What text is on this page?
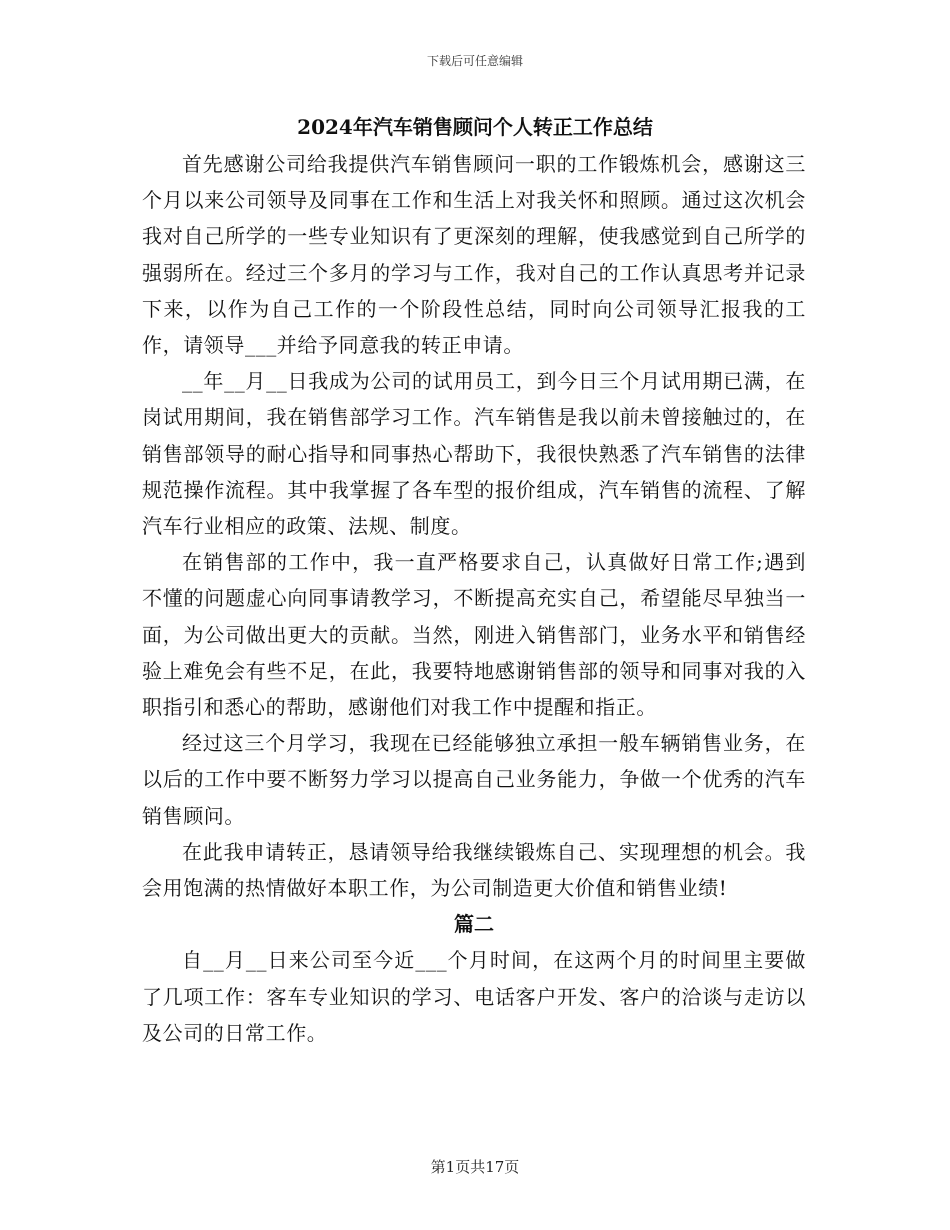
下载后可任意编辑
2024年汽车销售顾问个人转正工作总结

首先感谢公司给我提供汽车销售顾问一职的工作锻炼机会，感谢这三个月以来公司领导及同事在工作和生活上对我关怀和照顾。通过这次机会我对自己所学的一些专业知识有了更深刻的理解，使我感觉到自己所学的强弱所在。经过三个多月的学习与工作，我对自己的工作认真思考并记录下来，以作为自己工作的一个阶段性总结，同时向公司领导汇报我的工作，请领导___并给予同意我的转正申请。

__年__月__日我成为公司的试用员工，到今日三个月试用期已满，在岗试用期间，我在销售部学习工作。汽车销售是我以前未曾接触过的，在销售部领导的耐心指导和同事热心帮助下，我很快熟悉了汽车销售的法律规范操作流程。其中我掌握了各车型的报价组成，汽车销售的流程、了解汽车行业相应的政策、法规、制度。

在销售部的工作中，我一直严格要求自己，认真做好日常工作;遇到不懂的问题虚心向同事请教学习，不断提高充实自己，希望能尽早独当一面，为公司做出更大的贡献。当然，刚进入销售部门，业务水平和销售经验上难免会有些不足，在此，我要特地感谢销售部的领导和同事对我的入职指引和悉心的帮助，感谢他们对我工作中提醒和指正。

经过这三个月学习，我现在已经能够独立承担一般车辆销售业务，在以后的工作中要不断努力学习以提高自己业务能力，争做一个优秀的汽车销售顾问。

在此我申请转正，恳请领导给我继续锻炼自己、实现理想的机会。我会用饱满的热情做好本职工作，为公司制造更大价值和销售业绩!

篇二

自__月__日来公司至今近___个月时间，在这两个月的时间里主要做了几项工作：客车专业知识的学习、电话客户开发、客户的洽谈与走访以及公司的日常工作。

第1页共17页
